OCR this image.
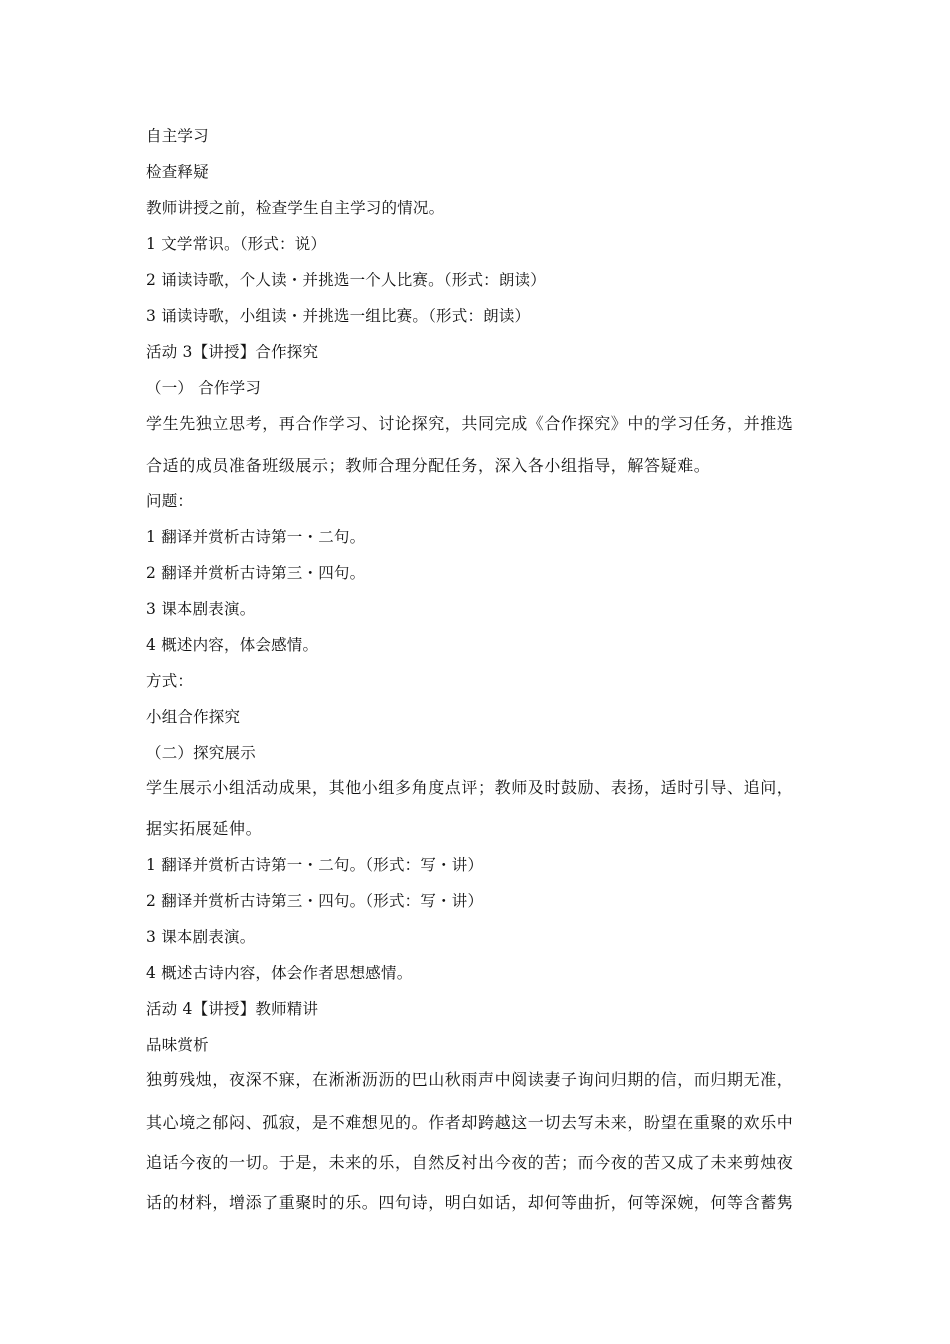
自主学习
检查释疑
教师讲授之前，检查学生自主学习的情况。
1 文学常识。（形式：说）
2 诵读诗歌，个人读・并挑选一个人比赛。（形式：朗读）
3 诵读诗歌，小组读・并挑选一组比赛。（形式：朗读）
活动 3【讲授】合作探究
（一） 合作学习
学生先独立思考，再合作学习、讨论探究，共同完成《合作探究》中的学习任务，并推选
合适的成员准备班级展示；教师合理分配任务，深入各小组指导，解答疑难。
问题：
1 翻译并赏析古诗第一・二句。
2 翻译并赏析古诗第三・四句。
3 课本剧表演。
4 概述内容，体会感情。
方式：
小组合作探究
（二）探究展示
学生展示小组活动成果，其他小组多角度点评；教师及时鼓励、表扬，适时引导、追问，
据实拓展延伸。
1 翻译并赏析古诗第一・二句。（形式：写・讲）
2 翻译并赏析古诗第三・四句。（形式：写・讲）
3 课本剧表演。
4 概述古诗内容，体会作者思想感情。
活动 4【讲授】教师精讲
品味赏析
独剪残烛，夜深不寐，在淅淅沥沥的巴山秋雨声中阅读妻子询问归期的信，而归期无准，
其心境之郁闷、孤寂，是不难想见的。作者却跨越这一切去写未来，盼望在重聚的欢乐中
追话今夜的一切。于是，未来的乐，自然反衬出今夜的苦；而今夜的苦又成了未来剪烛夜
话的材料，增添了重聚时的乐。四句诗，明白如话，却何等曲折，何等深婉，何等含蓄隽
